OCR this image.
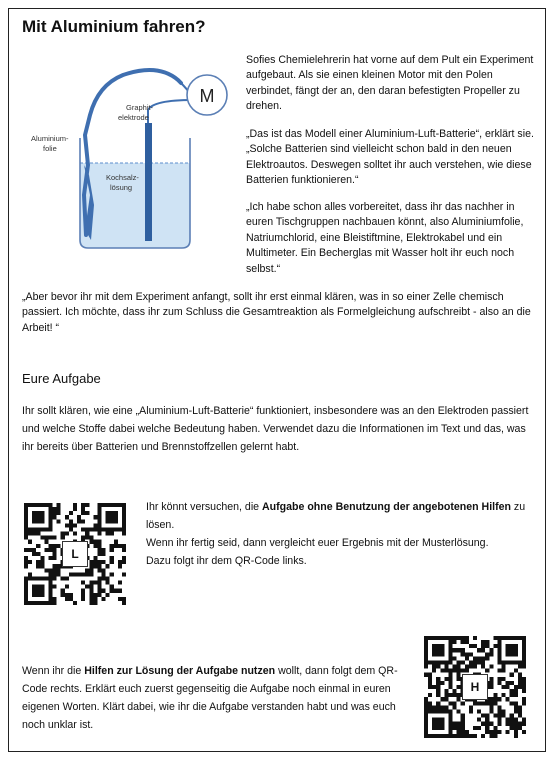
Mit Aluminium fahren?
M
Graphit-
elektrode
Aluminium-
folie
Kochsalz-
lösung
Sofies Chemielehrerin hat vorne auf dem Pult ein Experiment aufgebaut. Als sie einen kleinen Motor mit den Polen verbindet, fängt der an, den daran befestigten Propeller zu drehen.
„Das ist das Modell einer Aluminium-Luft-Batterie“, erklärt sie. „Solche Batterien sind vielleicht schon bald in den neuen Elektroautos. Deswegen solltet ihr auch verstehen, wie diese Batterien funktionieren.“
„Ich habe schon alles vorbereitet, dass ihr das nachher in euren Tischgruppen nachbauen könnt, also Aluminiumfolie, Natriumchlorid, eine Bleistiftmine, Elektrokabel und ein Multimeter. Ein Becherglas mit Wasser holt ihr euch noch selbst.“
„Aber bevor ihr mit dem Experiment anfangt, sollt ihr erst einmal klären, was in so einer Zelle chemisch passiert. Ich möchte, dass ihr zum Schluss die Gesamtreaktion als Formelgleichung aufschreibt - also an die Arbeit! “
Eure Aufgabe
Ihr sollt klären, wie eine „Aluminium-Luft-Batterie“ funktioniert, insbesondere was an den Elektroden passiert und welche Stoffe dabei welche Bedeutung haben. Verwendet dazu die Informationen im Text und das, was ihr bereits über Batterien und Brennstoffzellen gelernt habt.
L
Ihr könnt versuchen, die Aufgabe ohne Benutzung der angebotenen Hilfen zu lösen.
Wenn ihr fertig seid, dann vergleicht euer Ergebnis mit der Musterlösung.
Dazu folgt ihr dem QR-Code links.
H
Wenn ihr die Hilfen zur Lösung der Aufgabe nutzen wollt, dann folgt dem QR-Code rechts. Erklärt euch zuerst gegenseitig die Aufgabe noch einmal in euren eigenen Worten. Klärt dabei, wie ihr die Aufgabe verstanden habt und was euch noch unklar ist.
